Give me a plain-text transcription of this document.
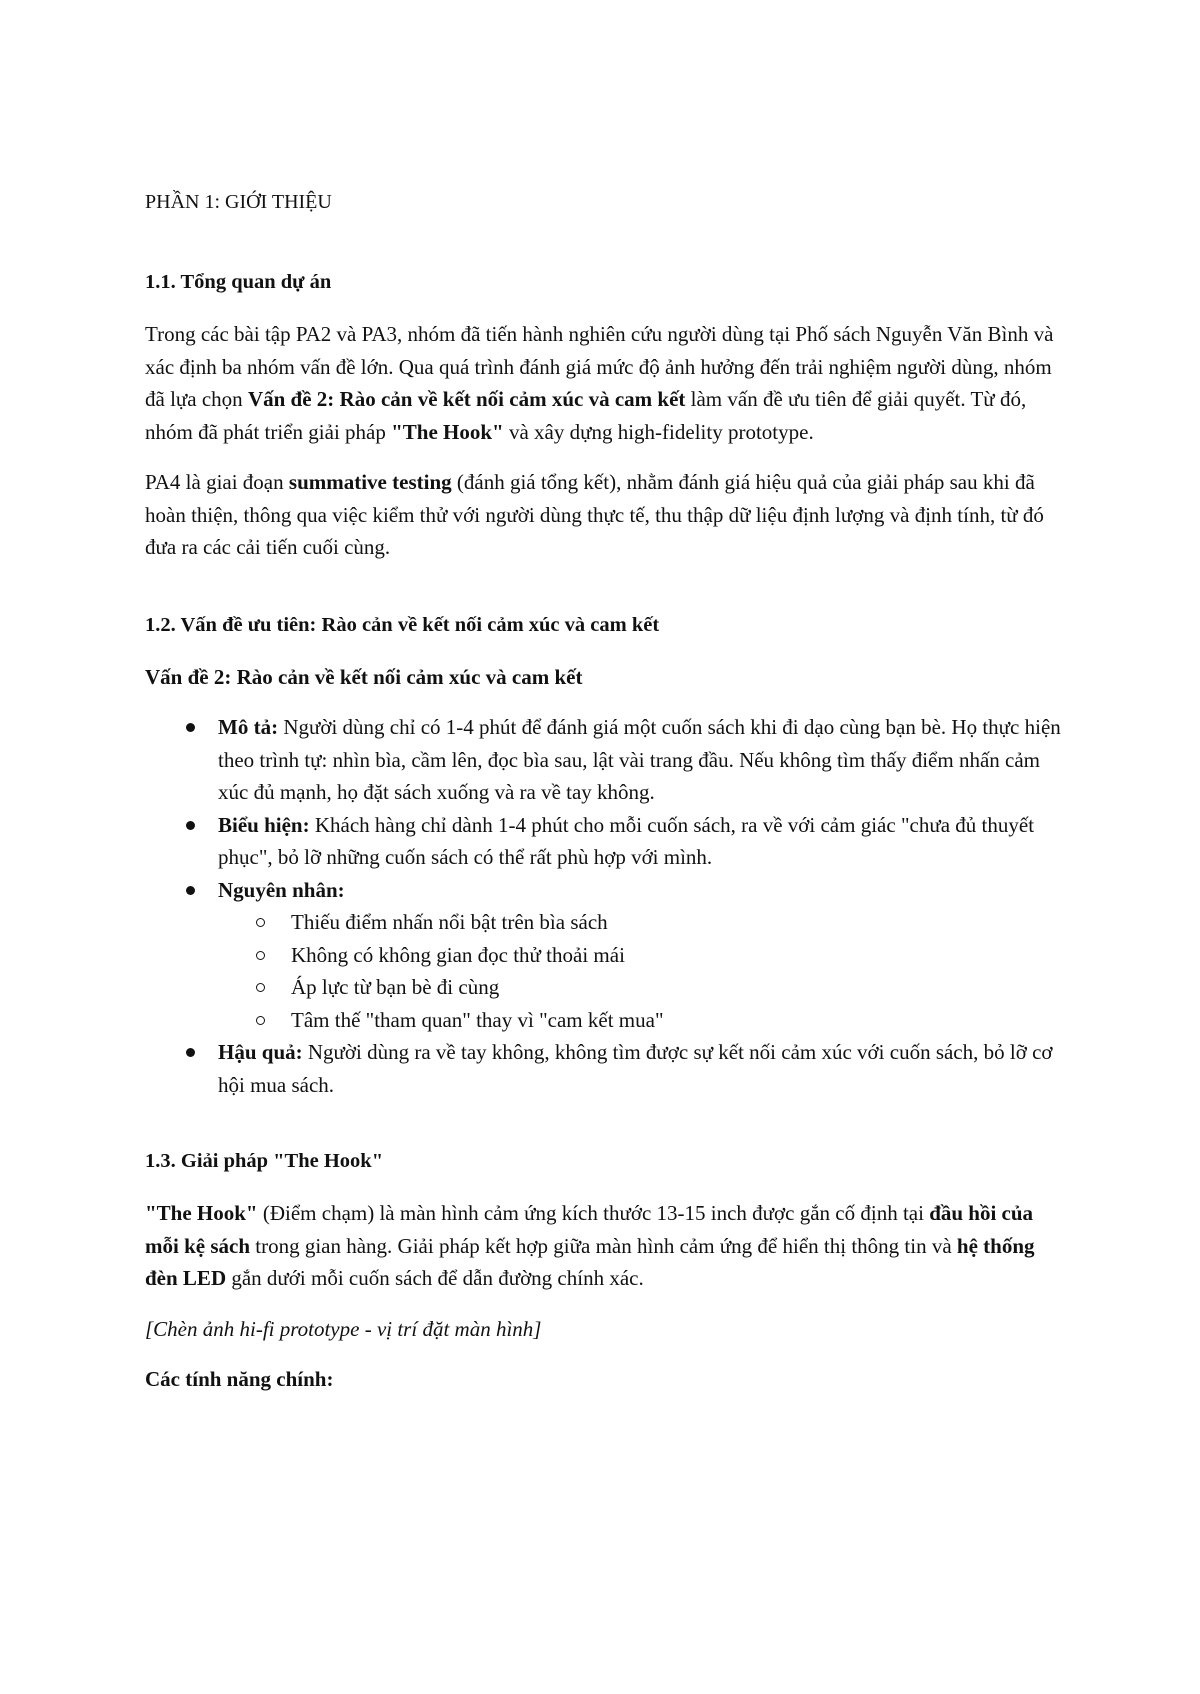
PHẦN 1: GIỚI THIỆU
1.1. Tổng quan dự án

Trong các bài tập PA2 và PA3, nhóm đã tiến hành nghiên cứu người dùng tại Phố sách Nguyễn Văn Bình và xác định ba nhóm vấn đề lớn. Qua quá trình đánh giá mức độ ảnh hưởng đến trải nghiệm người dùng, nhóm đã lựa chọn Vấn đề 2: Rào cản về kết nối cảm xúc và cam kết làm vấn đề ưu tiên để giải quyết. Từ đó, nhóm đã phát triển giải pháp "The Hook" và xây dựng high-fidelity prototype.

PA4 là giai đoạn summative testing (đánh giá tổng kết), nhằm đánh giá hiệu quả của giải pháp sau khi đã hoàn thiện, thông qua việc kiểm thử với người dùng thực tế, thu thập dữ liệu định lượng và định tính, từ đó đưa ra các cải tiến cuối cùng.

1.2. Vấn đề ưu tiên: Rào cản về kết nối cảm xúc và cam kết

Vấn đề 2: Rào cản về kết nối cảm xúc và cam kết

Mô tả: Người dùng chỉ có 1-4 phút để đánh giá một cuốn sách khi đi dạo cùng bạn bè. Họ thực hiện theo trình tự: nhìn bìa, cầm lên, đọc bìa sau, lật vài trang đầu. Nếu không tìm thấy điểm nhấn cảm xúc đủ mạnh, họ đặt sách xuống và ra về tay không.
Biểu hiện: Khách hàng chỉ dành 1-4 phút cho mỗi cuốn sách, ra về với cảm giác "chưa đủ thuyết phục", bỏ lỡ những cuốn sách có thể rất phù hợp với mình.
Nguyên nhân:
Thiếu điểm nhấn nổi bật trên bìa sách
Không có không gian đọc thử thoải mái
Áp lực từ bạn bè đi cùng
Tâm thế "tham quan" thay vì "cam kết mua"
Hậu quả: Người dùng ra về tay không, không tìm được sự kết nối cảm xúc với cuốn sách, bỏ lỡ cơ hội mua sách.
1.3. Giải pháp "The Hook"

"The Hook" (Điểm chạm) là màn hình cảm ứng kích thước 13-15 inch được gắn cố định tại đầu hồi của mỗi kệ sách trong gian hàng. Giải pháp kết hợp giữa màn hình cảm ứng để hiển thị thông tin và hệ thống đèn LED gắn dưới mỗi cuốn sách để dẫn đường chính xác.

[Chèn ảnh hi-fi prototype - vị trí đặt màn hình]

Các tính năng chính:
